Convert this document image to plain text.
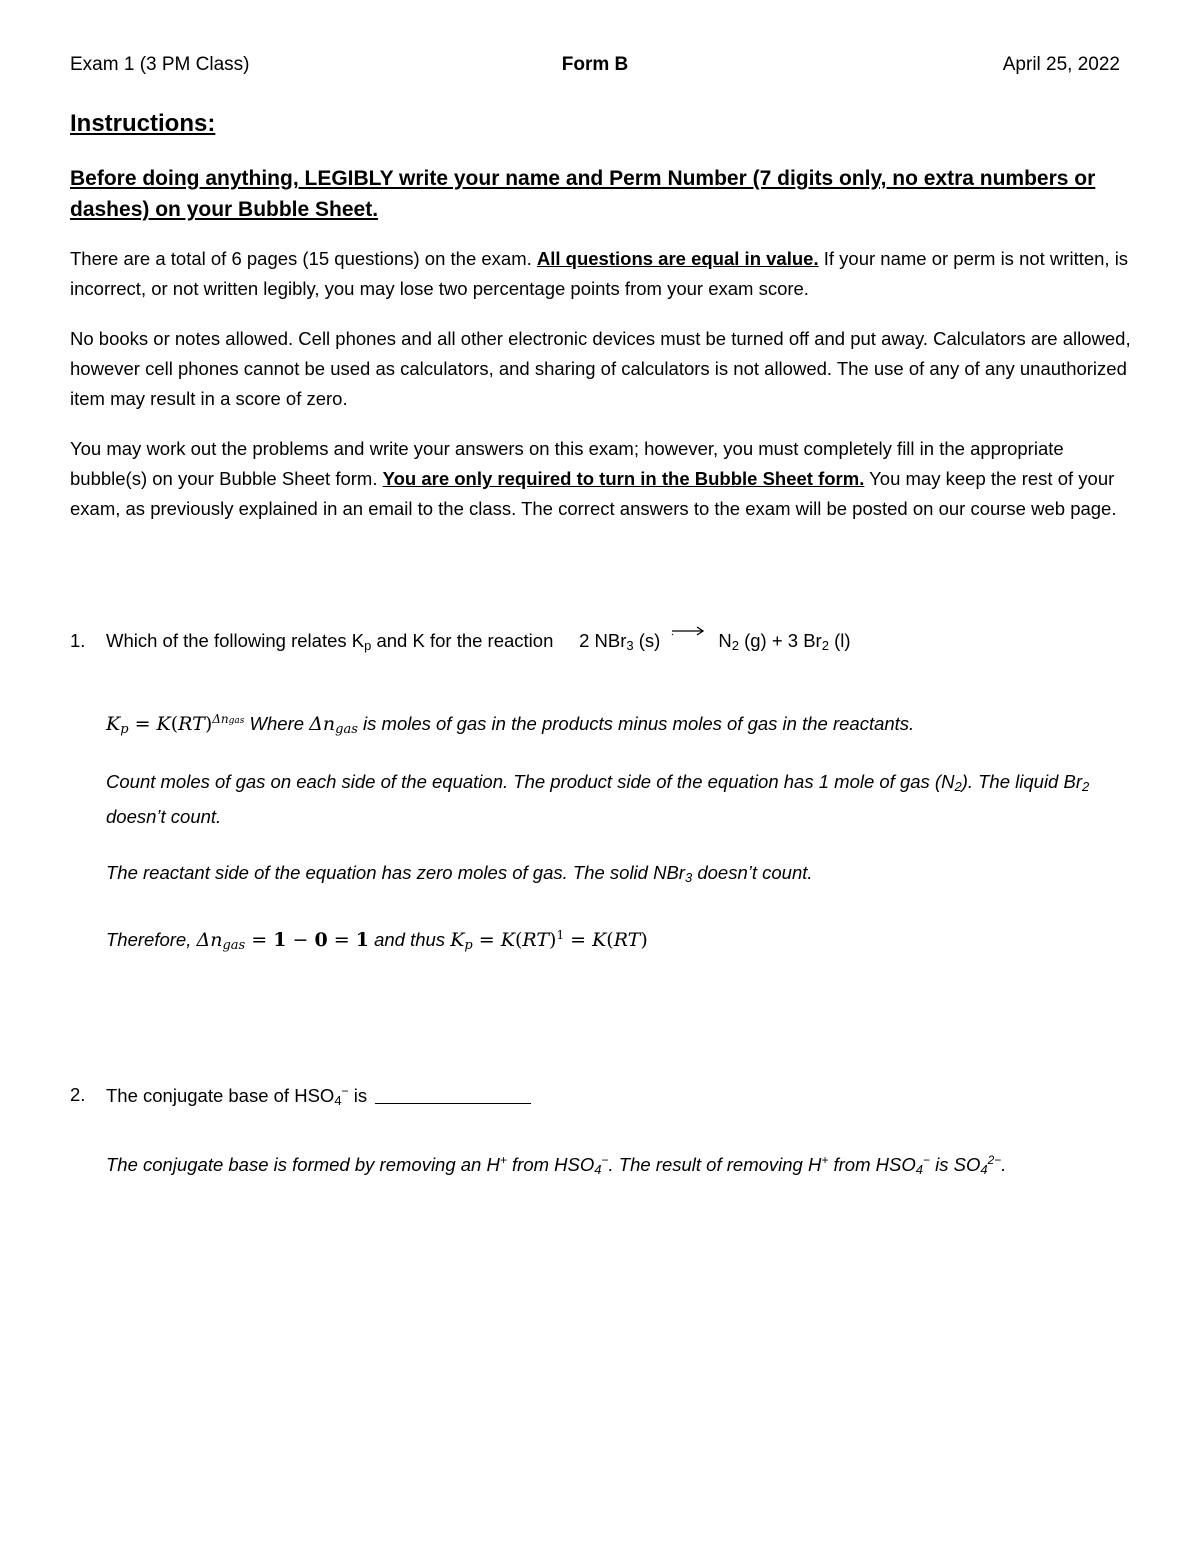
Exam 1 (3 PM Class)	Form B	April 25, 2022
Instructions:
Before doing anything, LEGIBLY write your name and Perm Number (7 digits only, no extra numbers or dashes) on your Bubble Sheet.
There are a total of 6 pages (15 questions) on the exam. All questions are equal in value. If your name or perm is not written, is incorrect, or not written legibly, you may lose two percentage points from your exam score.
No books or notes allowed. Cell phones and all other electronic devices must be turned off and put away. Calculators are allowed, however cell phones cannot be used as calculators, and sharing of calculators is not allowed. The use of any of any unauthorized item may result in a score of zero.
You may work out the problems and write your answers on this exam; however, you must completely fill in the appropriate bubble(s) on your Bubble Sheet form. You are only required to turn in the Bubble Sheet form. You may keep the rest of your exam, as previously explained in an email to the class. The correct answers to the exam will be posted on our course web page.
1. Which of the following relates $K_p$ and K for the reaction 2 NBr$_3$ (s)	$N_2$ (g) + 3 $Br_2$ (l)
$K_p = K(RT)^{\Delta ngas}$ Where $\Delta n_{gas}$ is moles of gas in the products minus moles of gas in the reactants.
Count moles of gas on each side of the equation. The product side of the equation has 1 mole of gas $(N_2)$. The liquid $Br_2$ doesn’t count.
The reactant side of the equation has zero moles of gas. The solid NBr$_3$ doesn’t count.
Therefore, $\Delta n_{gas} = 1 - 0 = 1$ and thus $K_p = K(RT)^1 = K(RT)$
2. The conjugate base of $HSO_4^-$ is
The conjugate base is formed by removing an H+ from $HSO_4^-$. The result of removing H+ from $HSO_4^-$ is $SO_4^{2-}$.
